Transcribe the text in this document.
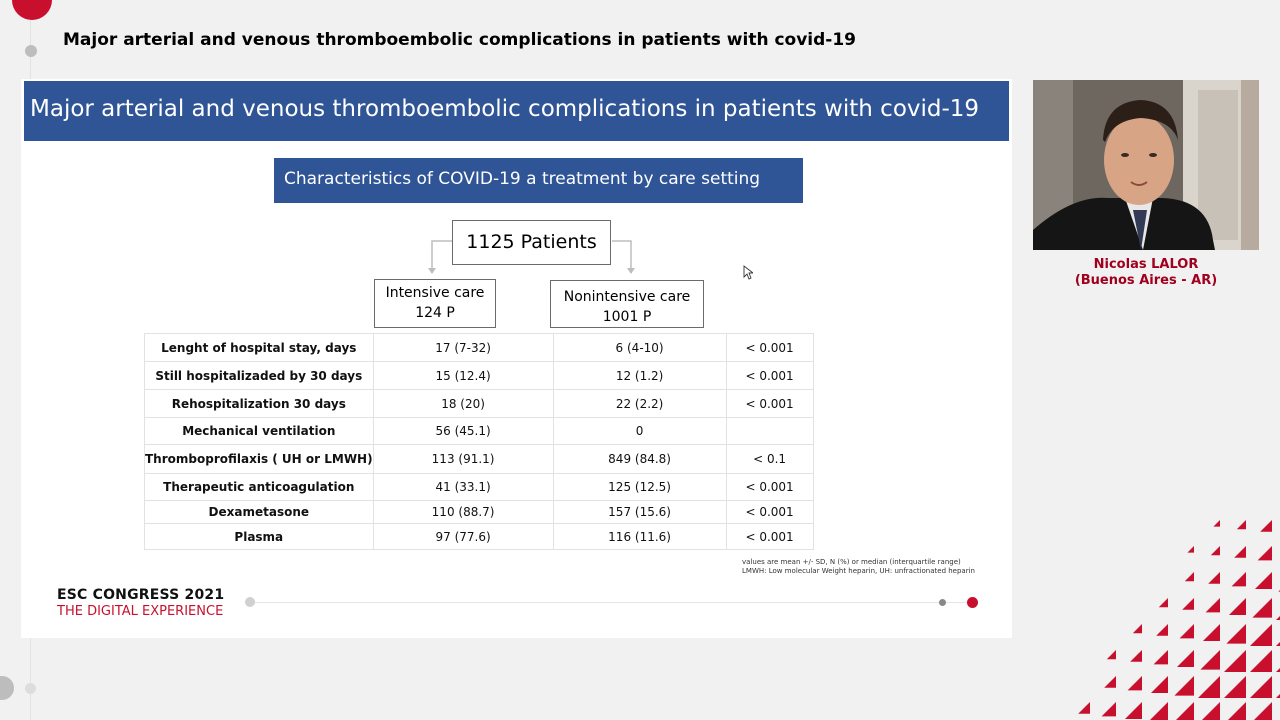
Major arterial and venous thromboembolic complications in patients with covid-19
Major arterial and venous thromboembolic complications in patients with covid-19
Characteristics of COVID-19 a treatment by care setting
1125 Patients
Intensive care
124 P
Nonintensive care
1001 P
Lenght of hospital stay, days	17 (7-32)	6 (4-10)	< 0.001
Still hospitalizaded by 30 days	15 (12.4)	12 (1.2)	< 0.001
Rehospitalization 30 days	18 (20)	22 (2.2)	< 0.001
Mechanical ventilation	56 (45.1)	0	
Thromboprofilaxis ( UH or LMWH)	113 (91.1)	849 (84.8)	< 0.1
Therapeutic anticoagulation	41 (33.1)	125 (12.5)	< 0.001
Dexametasone	110 (88.7)	157 (15.6)	< 0.001
Plasma	97 (77.6)	116 (11.6)	< 0.001
values are mean +/- SD, N (%) or median (interquartile range)
LMWH: Low molecular Weight heparin, UH: unfractionated heparin
ESC CONGRESS 2021
THE DIGITAL EXPERIENCE
Nicolas LALOR
(Buenos Aires - AR)
